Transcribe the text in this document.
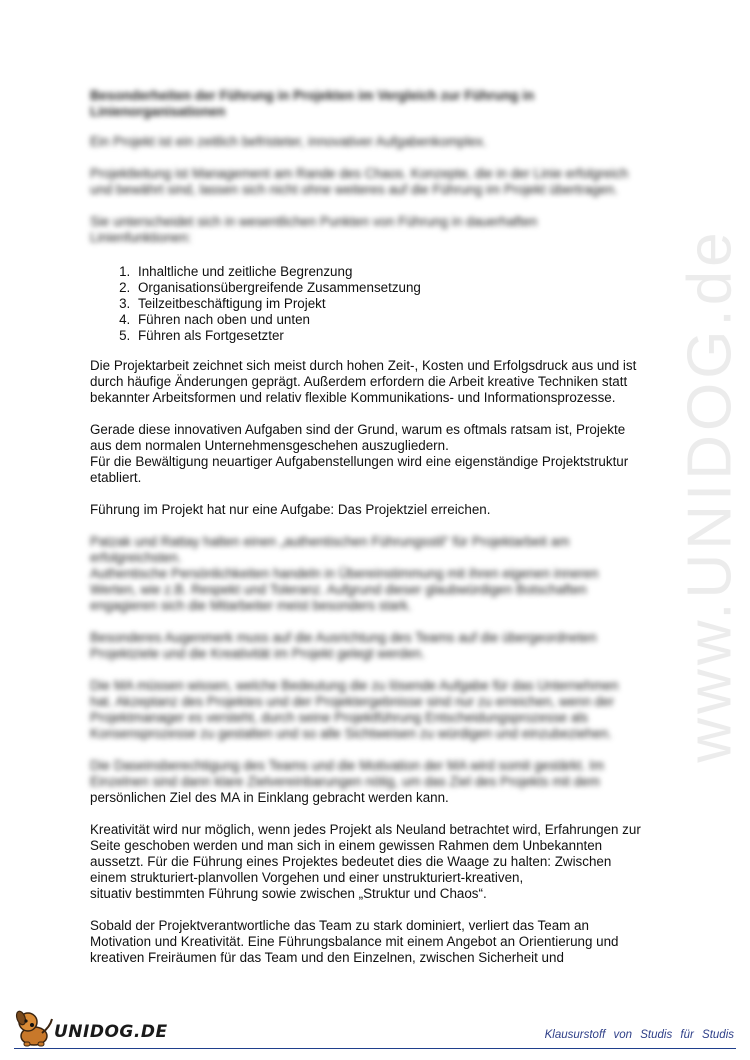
www.UNIDOG.de
Besonderheiten der Führung in Projekten im Vergleich zur Führung in
Linienorganisationen
Ein Projekt ist ein zeitlich befristeter, innovativer Aufgabenkomplex.
Projektleitung ist Management am Rande des Chaos. Konzepte, die in der Linie erfolgreich
und bewährt sind, lassen sich nicht ohne weiteres auf die Führung im Projekt übertragen.
Sie unterscheidet sich in wesentlichen Punkten von Führung in dauerhaften
Linienfunktionen:
1. Inhaltliche und zeitliche Begrenzung
2. Organisationsübergreifende Zusammensetzung
3. Teilzeitbeschäftigung im Projekt
4. Führen nach oben und unten
5. Führen als Fortgesetzter
Die Projektarbeit zeichnet sich meist durch hohen Zeit-, Kosten und Erfolgsdruck aus und ist
durch häufige Änderungen geprägt. Außerdem erfordern die Arbeit kreative Techniken statt
bekannter Arbeitsformen und relativ flexible Kommunikations- und Informationsprozesse.
Gerade diese innovativen Aufgaben sind der Grund, warum es oftmals ratsam ist, Projekte
aus dem normalen Unternehmensgeschehen auszugliedern.
Für die Bewältigung neuartiger Aufgabenstellungen wird eine eigenständige Projektstruktur
etabliert.
Führung im Projekt hat nur eine Aufgabe: Das Projektziel erreichen.
Patzak und Rattay halten einen „authentischen Führungsstil“ für Projektarbeit am
erfolgreichsten.
Authentische Persönlichkeiten handeln in Übereinstimmung mit ihren eigenen inneren
Werten, wie z.B. Respekt und Toleranz. Aufgrund dieser glaubwürdigen Botschaften
engagieren sich die Mitarbeiter meist besonders stark.
Besonderes Augenmerk muss auf die Ausrichtung des Teams auf die übergeordneten
Projektziele und die Kreativität im Projekt gelegt werden.
Die MA müssen wissen, welche Bedeutung die zu lösende Aufgabe für das Unternehmen
hat. Akzeptanz des Projektes und der Projektergebnisse sind nur zu erreichen, wenn der
Projektmanager es versteht, durch seine Projektführung Entscheidungsprozesse als
Konsensprozesse zu gestalten und so alle Sichtweisen zu würdigen und einzubeziehen.
Die Daseinsberechtigung des Teams und die Motivation der MA wird somit gestärkt. Im
Einzelnen sind dann klare Zielvereinbarungen nötig, um das Ziel des Projekts mit dem
persönlichen Ziel des MA in Einklang gebracht werden kann.
Kreativität wird nur möglich, wenn jedes Projekt als Neuland betrachtet wird, Erfahrungen zur
Seite geschoben werden und man sich in einem gewissen Rahmen dem Unbekannten
aussetzt. Für die Führung eines Projektes bedeutet dies die Waage zu halten: Zwischen
einem strukturiert-planvollen Vorgehen und einer unstrukturiert-kreativen,
situativ bestimmten Führung sowie zwischen „Struktur und Chaos“.
Sobald der Projektverantwortliche das Team zu stark dominiert, verliert das Team an
Motivation und Kreativität. Eine Führungsbalance mit einem Angebot an Orientierung und
kreativen Freiräumen für das Team und den Einzelnen, zwischen Sicherheit und
UNIDOG.DE	Klausurstoff von Studis für Studis
